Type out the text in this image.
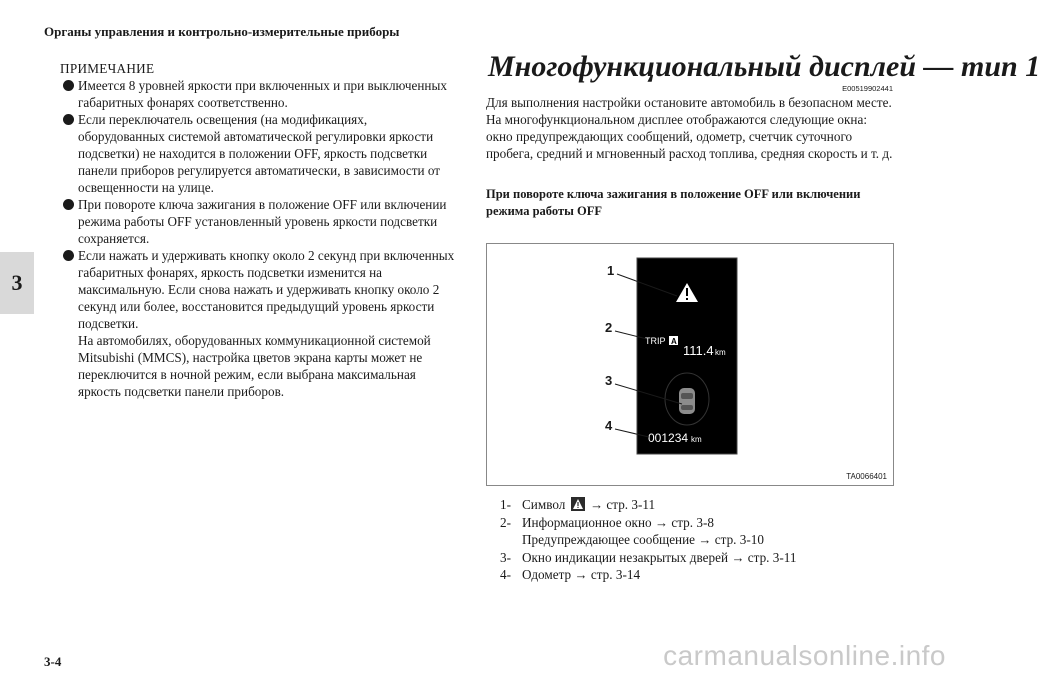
Органы управления и контрольно-измерительные приборы
3
ПРИМЕЧАНИЕ
Имеется 8 уровней яркости при включенных и при выключенных габаритных фонарях соответственно.
Если переключатель освещения (на модификациях, оборудованных системой автоматической регулировки яркости подсветки) не находится в положении OFF, яркость подсветки панели приборов регулируется автоматически, в зависимости от освещенности на улице.
При повороте ключа зажигания в положение OFF или включении режима работы OFF установленный уровень яркости подсветки сохраняется.
Если нажать и удерживать кнопку около 2 секунд при включенных габаритных фонарях, яркость подсветки изменится на максимальную. Если снова нажать и удерживать кнопку около 2 секунд или более, восстановится предыдущий уровень яркости подсветки.
На автомобилях, оборудованных коммуникационной системой Mitsubishi (MMCS), настройка цветов экрана карты может не переключится в ночной режим, если выбрана максимальная яркость подсветки панели приборов.
Многофункциональный дисплей — тип 1
E00519902441
Для выполнения настройки остановите автомобиль в безопасном месте.
На многофункциональном дисплее отображаются следующие окна: окно предупреждающих сообщений, одометр, счетчик суточного пробега, средний и мгновенный расход топлива, средняя скорость и т. д.
При повороте ключа зажигания в положение OFF или включении режима работы OFF
TRIP A
111.4 km
001234 km
1
2
3
4
TA0066401
1- Символ → стр. 3-11
2- Информационное окно → стр. 3-8
Предупреждающее сообщение → стр. 3-10
3- Окно индикации незакрытых дверей → стр. 3-11
4- Одометр → стр. 3-14
3-4	carmanualsonline.info
